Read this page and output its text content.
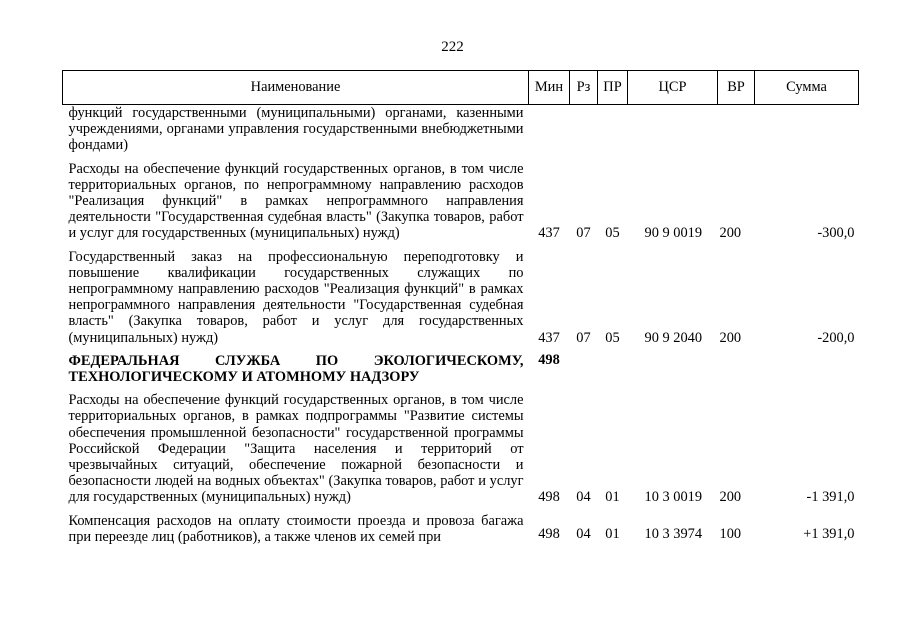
222
Наименование	Мин	Рз	ПР	ЦСР	ВР	Сумма
функций государственными (муниципальными) органами, казенными учреждениями, органами управления государственными внебюджетными фондами)						
Расходы на обеспечение функций государственных органов, в том числе территориальных органов, по непрограммному направлению расходов "Реализация функций" в рамках непрограммного направления деятельности "Государственная судебная власть" (Закупка товаров, работ и услуг для государственных (муниципальных) нужд)	437	07	05	90 9 0019	200	-300,0
Государственный заказ на профессиональную переподготовку и повышение квалификации государственных служащих по непрограммному направлению расходов "Реализация функций" в рамках непрограммного направления деятельности "Государственная судебная власть" (Закупка товаров, работ и услуг для государственных (муниципальных) нужд)	437	07	05	90 9 2040	200	-200,0
ФЕДЕРАЛЬНАЯ СЛУЖБА ПО ЭКОЛОГИЧЕСКОМУ, ТЕХНОЛОГИЧЕСКОМУ И АТОМНОМУ НАДЗОРУ	498					
Расходы на обеспечение функций государственных органов, в том числе территориальных органов, в рамках подпрограммы "Развитие системы обеспечения промышленной безопасности" государственной программы Российской Федерации "Защита населения и территорий от чрезвычайных ситуаций, обеспечение пожарной безопасности и безопасности людей на водных объектах" (Закупка товаров, работ и услуг для государственных (муниципальных) нужд)	498	04	01	10 3 0019	200	-1 391,0
Компенсация расходов на оплату стоимости проезда и провоза багажа при переезде лиц (работников), а также членов их семей при	498	04	01	10 3 3974	100	+1 391,0
